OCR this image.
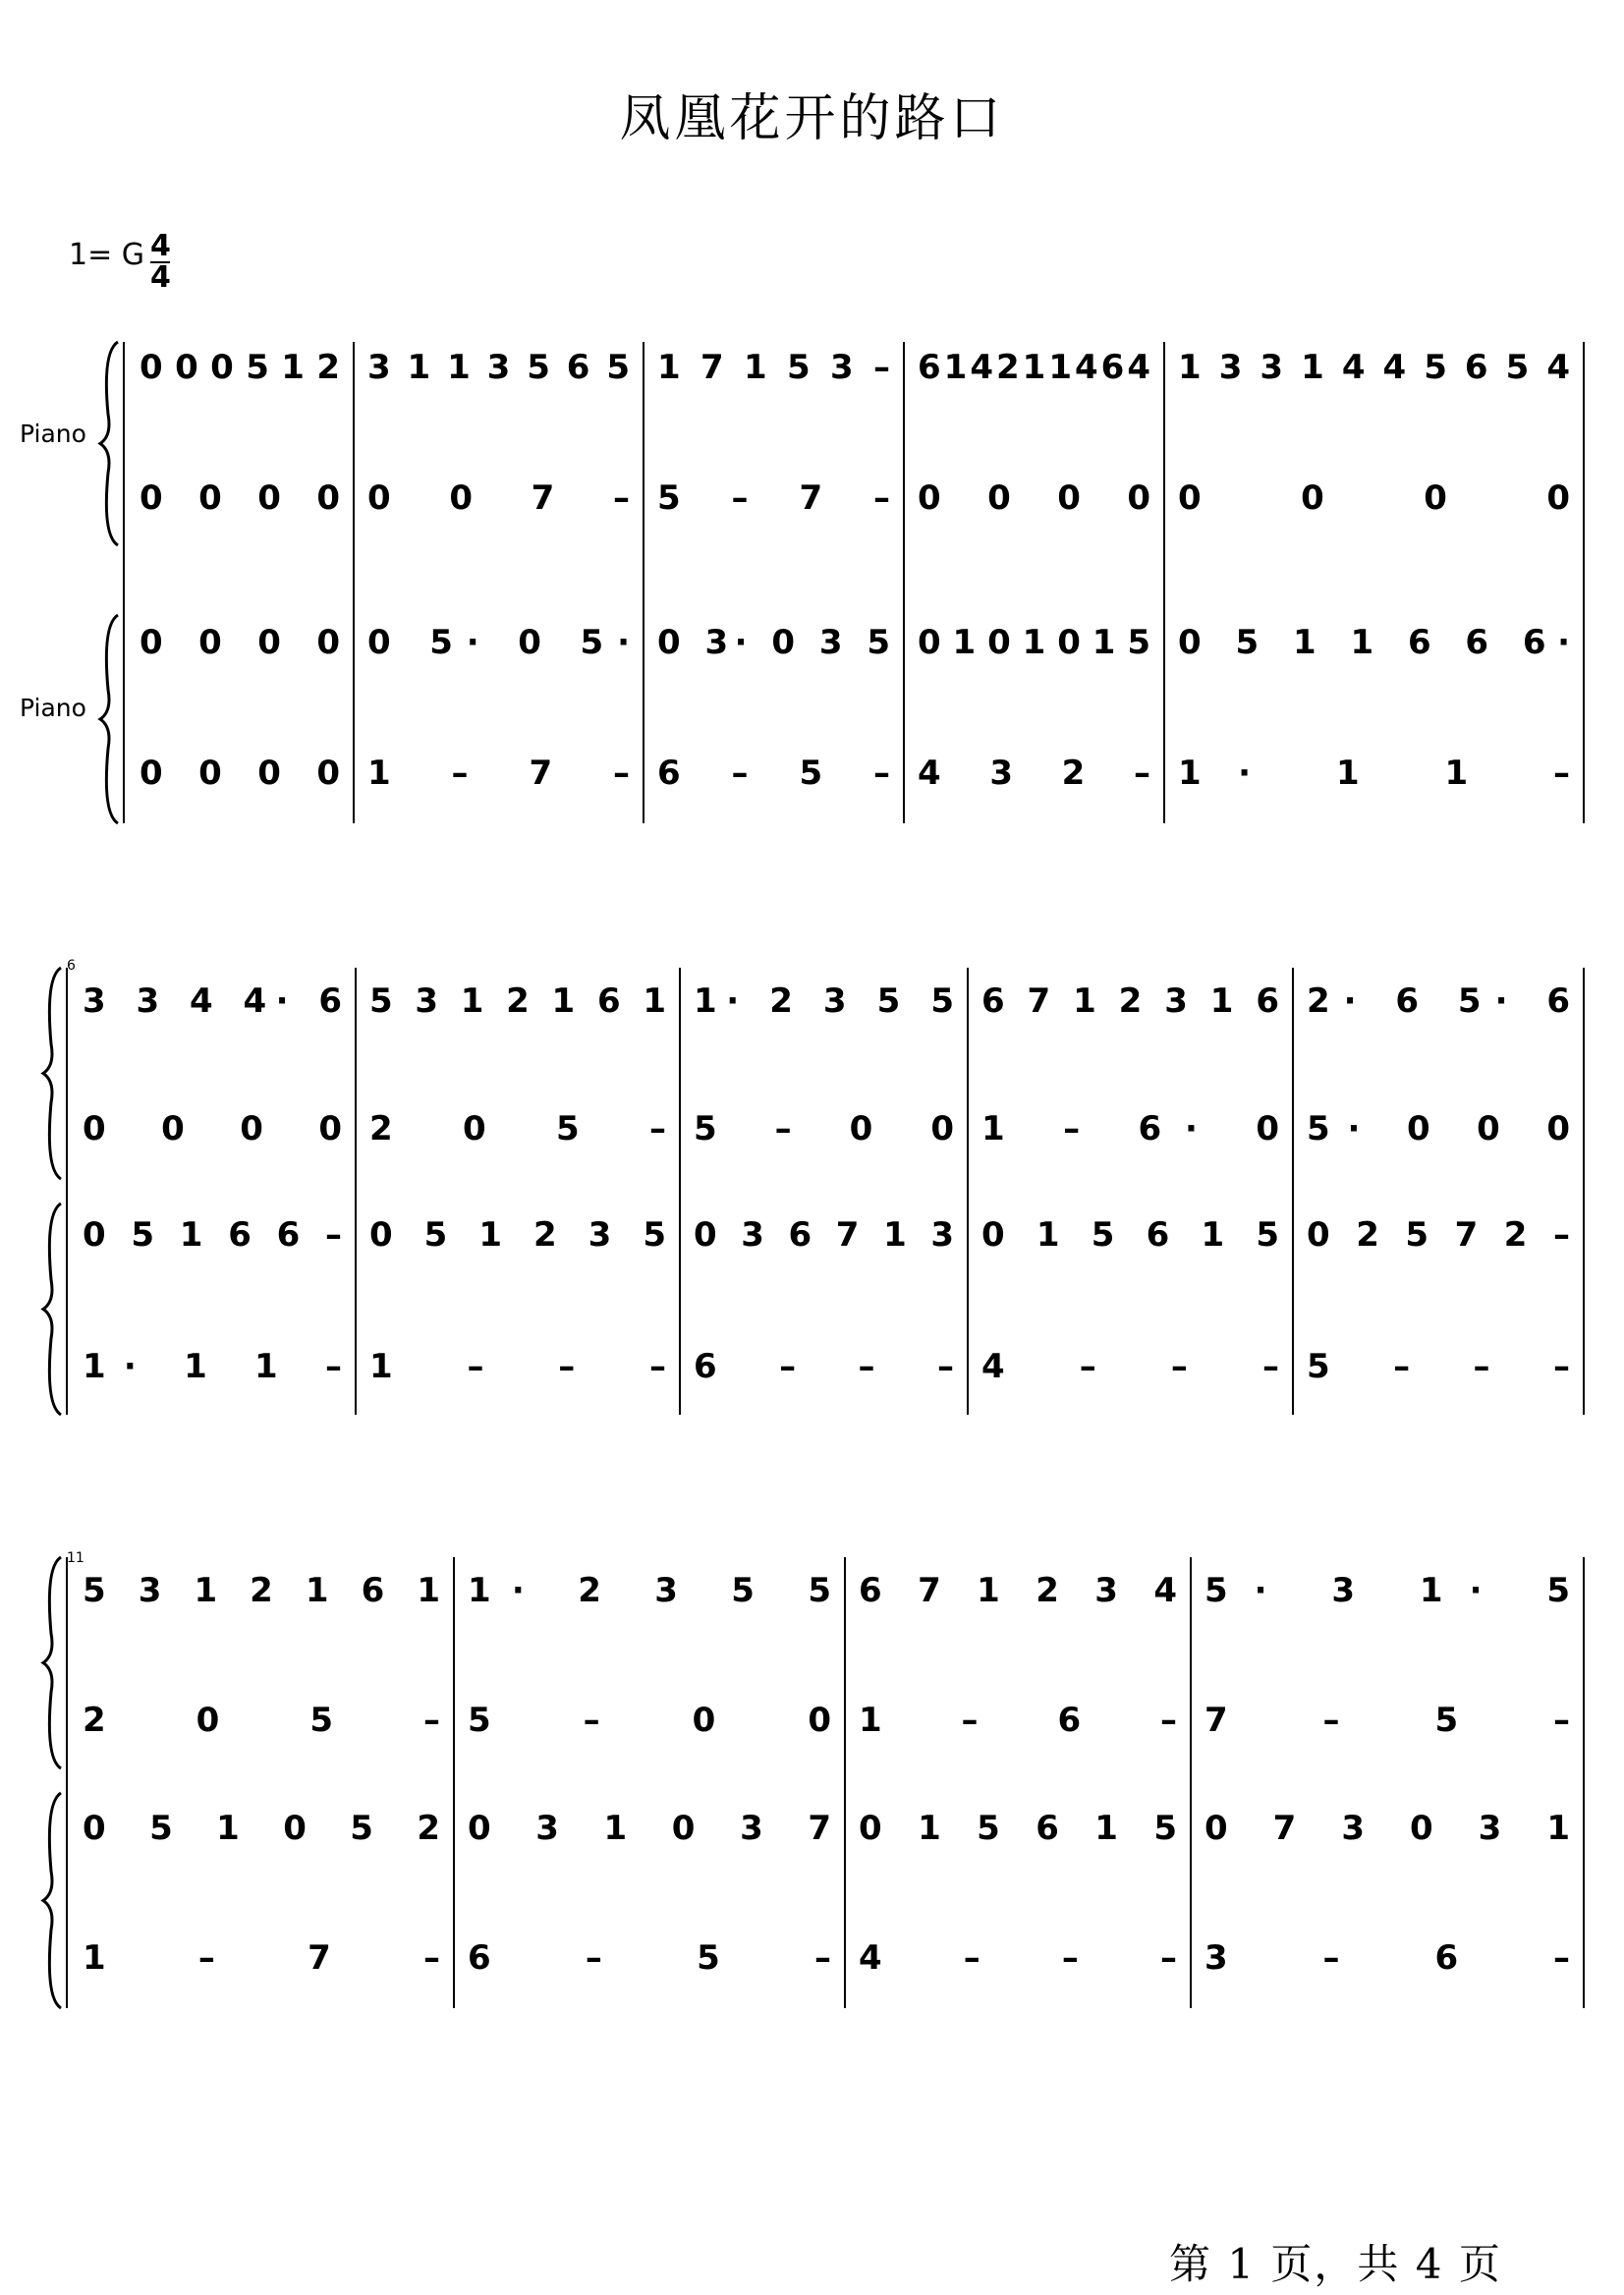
凤凰花开的路口
1= G 4
4
Piano
Piano
6
11
0 0 0 5 1 2 3 1 1 3 5 6 5 1 7 1 5 3 – 6 1 4 2 1 1 4 6 4 1 3 3 1 4 4 5 6 5 4
0 0 0 0 0 0 7 – 5 – 7 – 0 0 0 0 0 0 0 0
0 0 0 0 0 5· 0 5· 0 3· 0 3 5 0 1 0 1 0 1 5 0 5 1 1 6 6 6·
0 0 0 0 1 – 7 – 6 – 5 – 4 3 2 – 1· 1 1 –
3 3 4 4· 6 5 3 1 2 1 6 1 1· 2 3 5 5 6 7 1 2 3 1 6 2· 6 5· 6
0 0 0 0 2 0 5 – 5 – 0 0 1 – 6· 0 5· 0 0 0
0 5 1 6 6 – 0 5 1 2 3 5 0 3 6 7 1 3 0 1 5 6 1 5 0 2 5 7 2 –
1· 1 1 – 1 – – – 6 – – – 4 – – – 5 – – –
5 3 1 2 1 6 1 1· 2 3 5 5 6 7 1 2 3 4 5· 3 1· 5
2 0 5 – 5 – 0 0 1 – 6 – 7 – 5 –
0 5 1 0 5 2 0 3 1 0 3 7 0 1 5 6 1 5 0 7 3 0 3 1
1 – 7 – 6 – 5 – 4 – – – 3 – 6 –
第 1 页，共 4 页
